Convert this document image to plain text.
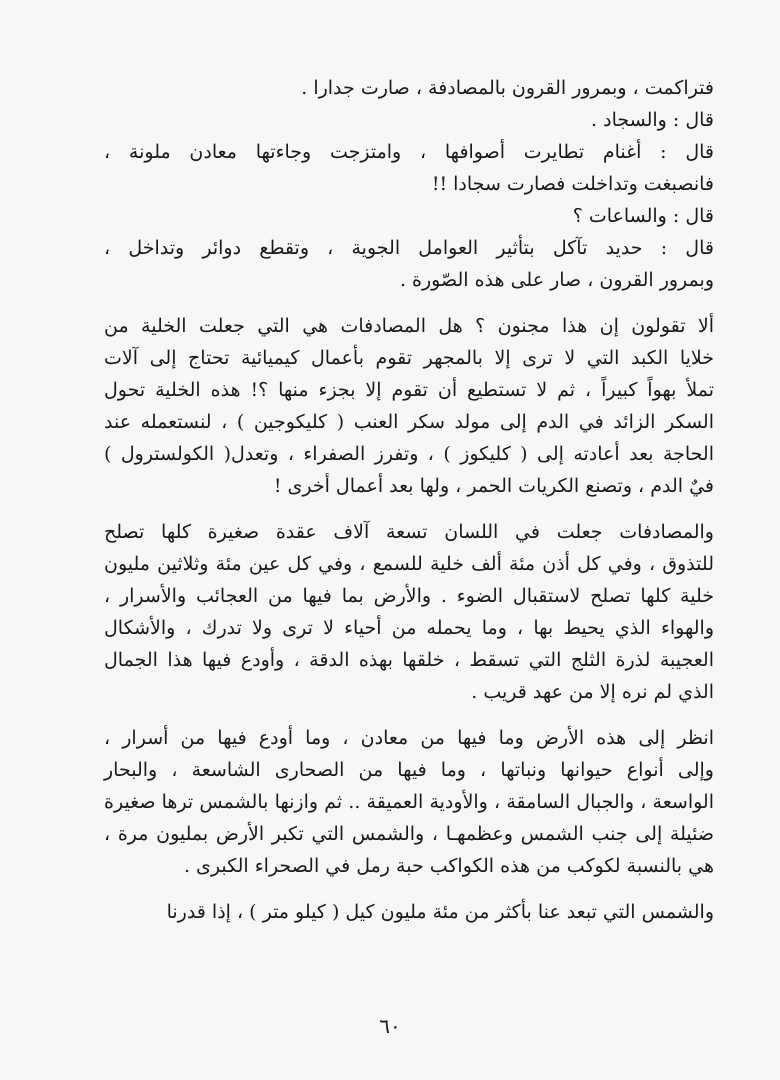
فتراكمت ، وبمرور القرون بالمصادفة ، صارت جدارا .
قال : والسجاد .
قال : أغنام تطايرت أصوافها ، وامتزجت وجاءتها معادن ملونة ،
فانصبغت وتداخلت فصارت سجادا !!
قال : والساعات ؟
قال : حديد تآكل بتأثير العوامل الجوية ، وتقطع دوائر وتداخل ،
وبمرور القرون ، صار على هذه الصّورة .
ألا تقولون إن هذا مجنون ؟ هل المصادفات هي التي جعلت الخلية من
خلايا الكبد التي لا ترى إلا بالمجهر تقوم بأعمال كيميائية تحتاج إلى آلات
تملأ بهواً كبيراً ، ثم لا تستطيع أن تقوم إلا بجزء منها ؟! هذه الخلية تحول
السكر الزائد في الدم إلى مولد سكر العنب ( كليكوجين ) ، لنستعمله عند
الحاجة بعد أعادته إلى ( كليكوز ) ، وتفرز الصفراء ، وتعدل( الكولسترول )
فيٌ الدم ، وتصنع الكريات الحمر ، ولها بعد أعمال أخرى !
والمصادفات جعلت في اللسان تسعة آلاف عقدة صغيرة كلها تصلح
للتذوق ، وفي كل أذن مئة ألف خلية للسمع ، وفي كل عين مئة وثلاثين مليون
خلية كلها تصلح لاستقبال الضوء . والأرض بما فيها من العجائب والأسرار ،
والهواء الذي يحيط بها ، وما يحمله من أحياء لا ترى ولا تدرك ، والأشكال
العجيبة لذرة الثلج التي تسقط ، خلقها بهذه الدقة ، وأودع فيها هذا الجمال
الذي لم نره إلا من عهد قريب .
انظر إلى هذه الأرض وما فيها من معادن ، وما أودع فيها من أسرار ،
وإلى أنواع حيوانها ونباتها ، وما فيها من الصحارى الشاسعة ، والبحار
الواسعة ، والجبال السامقة ، والأودية العميقة .. ثم وازنها بالشمس ترها صغيرة
ضئيلة إلى جنب الشمس وعظمهـا ، والشمس التي تكبر الأرض بمليون مرة ،
هي بالنسبة لكوكب من هذه الكواكب حبة رمل في الصحراء الكبرى .
والشمس التي تبعد عنا بأكثر من مئة مليون كيل ( كيلو متر ) ، إذا قدرنا
٦٠
